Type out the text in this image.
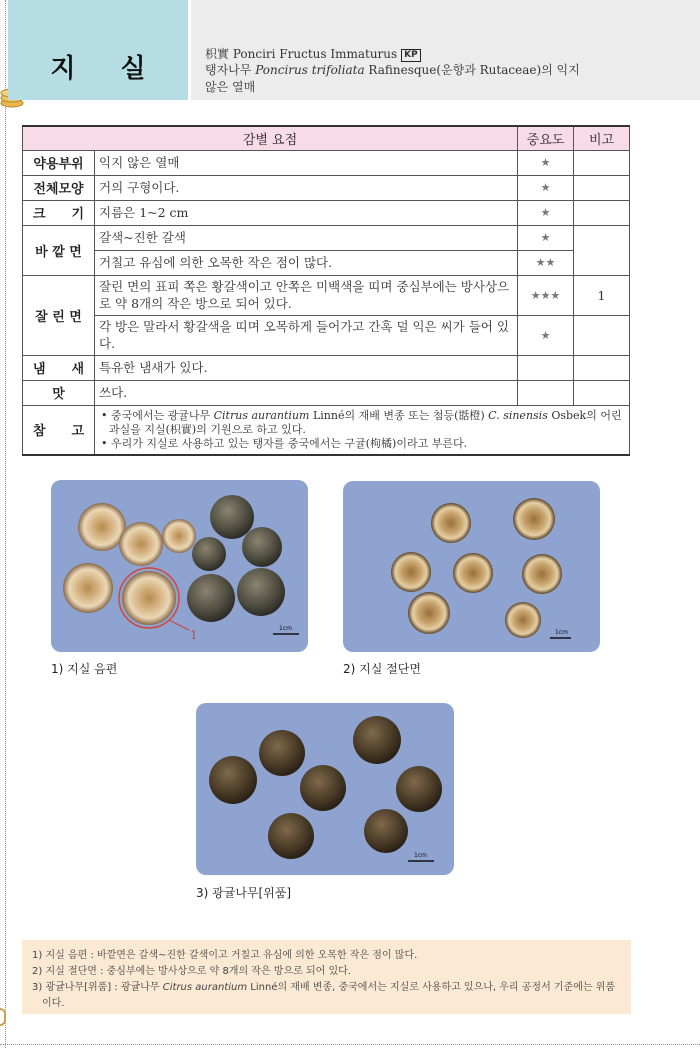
지 실	枳實 Ponciri Fructus Immaturus KP
탱자나무 Poncirus trifoliata Rafinesque(운향과 Rutaceae)의 익지
않은 열매
감별 요점		중요도	비고
약용부위	익지 않은 열매	★	
전체모양	거의 구형이다.	★	
크　　기	지름은 1~2 cm	★	
바 깥 면	갈색~진한 갈색	★	
	거칠고 유심에 의한 오목한 작은 점이 많다.	★★	
잘 린 면	잘린 면의 표피 쪽은 황갈색이고 안쪽은 미백색을 띠며 중심부에는 방사상으로 약 8개의 작은 방으로 되어 있다.	★★★	1
	각 방은 말라서 황갈색을 띠며 오목하게 들어가고 간혹 덜 익은 씨가 들어 있다.	★	
냄　　새	특유한 냄새가 있다.		
맛	쓰다.		
참　　고	• 중국에서는 광귤나무 Citrus aurantium Linné의 재배 변종 또는 첨등(甛橙) C. sinensis Osbek의 어린 과실을 지실(枳實)의 기원으로 하고 있다.
• 우리가 지실로 사용하고 있는 탱자를 중국에서는 구귤(枸橘)이라고 부른다.		
1	1cm
1) 지실 음편
1cm
2) 지실 절단면
1cm
3) 광귤나무[위품]
1) 지실 음편 : 바깥면은 갈색~진한 갈색이고 거칠고 유심에 의한 오목한 작은 점이 많다.
2) 지실 절단면 : 중심부에는 방사상으로 약 8개의 작은 방으로 되어 있다.
3) 광귤나무[위품] : 광귤나무 Citrus aurantium Linné의 재배 변종, 중국에서는 지실로 사용하고 있으나, 우리 공정서 기준에는 위품
이다.
